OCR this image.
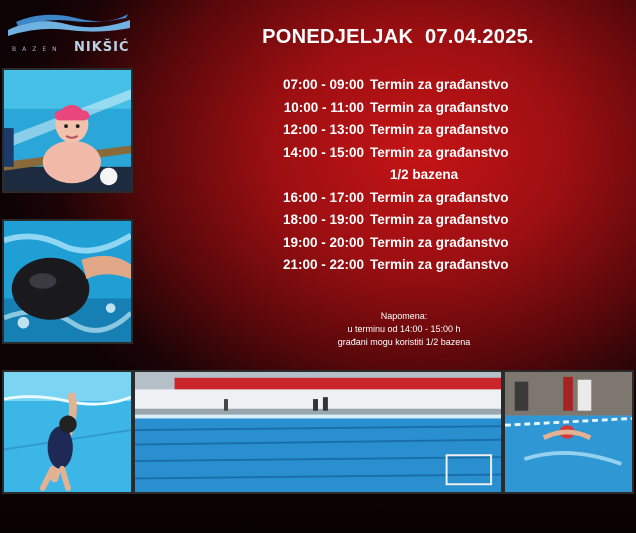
BAZEN NIKŠIĆ	PONEDJELJAK 07.04.2025.
07:00 - 09:00 Termin za građanstvo
10:00 - 11:00 Termin za građanstvo
12:00 - 13:00 Termin za građanstvo
14:00 - 15:00 Termin za građanstvo
1/2 bazena
16:00 - 17:00 Termin za građanstvo
18:00 - 19:00 Termin za građanstvo
19:00 - 20:00 Termin za građanstvo
21:00 - 22:00 Termin za građanstvo
Napomena:
u terminu od 14:00 - 15:00 h
građani mogu koristiti 1/2 bazena
